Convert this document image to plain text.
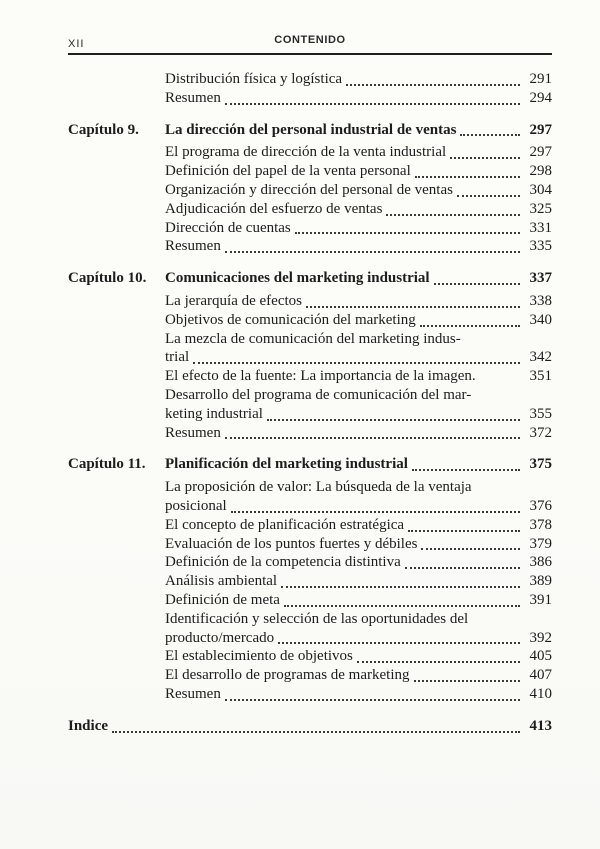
XII	CONTENIDO
Distribución física y logística	291
Resumen	294
Capítulo 9.	La dirección del personal industrial de ventas	297
El programa de dirección de la venta industrial	297
Definición del papel de la venta personal	298
Organización y dirección del personal de ventas	304
Adjudicación del esfuerzo de ventas	325
Dirección de cuentas	331
Resumen	335
Capítulo 10.	Comunicaciones del marketing industrial	337
La jerarquía de efectos	338
Objetivos de comunicación del marketing	340
La mezcla de comunicación del marketing indus-
trial	342
El efecto de la fuente: La importancia de la imagen.	351
Desarrollo del programa de comunicación del mar-
keting industrial	355
Resumen	372
Capítulo 11.	Planificación del marketing industrial	375
La proposición de valor: La búsqueda de la ventaja
posicional	376
El concepto de planificación estratégica	378
Evaluación de los puntos fuertes y débiles	379
Definición de la competencia distintiva	386
Análisis ambiental	389
Definición de meta	391
Identificación y selección de las oportunidades del
producto/mercado	392
El establecimiento de objetivos	405
El desarrollo de programas de marketing	407
Resumen	410
Indice	413
